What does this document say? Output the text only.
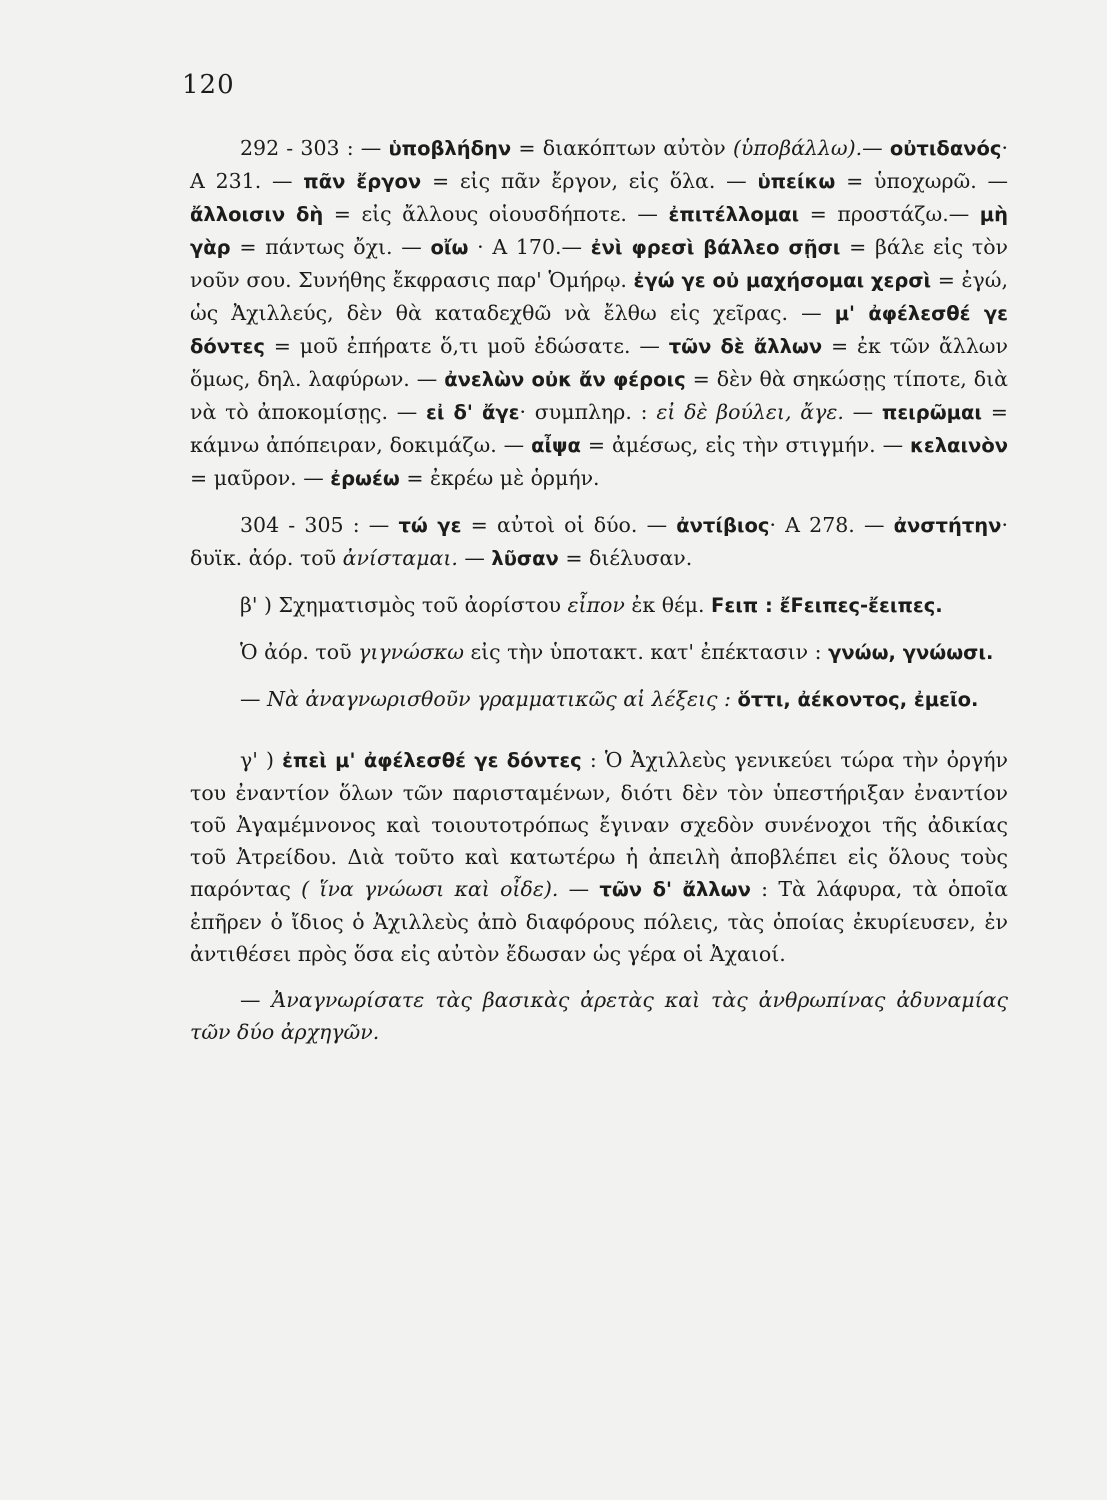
120

292 - 303 : — ὑποβλήδην = διακόπτων αὐτὸν (ὑποβάλλω).— οὐτιδανός· Α 231. — πᾶν ἔργον = εἰς πᾶν ἔργον, εἰς ὅλα. — ὑπείκω = ὑποχωρῶ. — ἄλλοισιν δὴ = εἰς ἄλλους οἱουσδήποτε. — ἐπιτέλλομαι = προστάζω.— μὴ γὰρ = πάντως ὄχι. — οἴω · Α 170.— ἐνὶ φρεσὶ βάλλεο σῇσι = βάλε εἰς τὸν νοῦν σου. Συνήθης ἔκφρασις παρ' Ὁμήρῳ. ἐγώ γε οὐ μαχήσομαι χερσὶ = ἐγώ, ὡς Ἀχιλλεύς, δὲν θὰ καταδεχθῶ νὰ ἔλθω εἰς χεῖρας. — μ' ἀφέλεσθέ γε δόντες = μοῦ ἐπήρατε ὅ,τι μοῦ ἐδώσατε. — τῶν δὲ ἄλλων = ἐκ τῶν ἄλλων ὅμως, δηλ. λαφύρων. — ἀνελὼν οὐκ ἄν φέροις = δὲν θὰ σηκώσῃς τίποτε, διὰ νὰ τὸ ἀποκομίσῃς. — εἰ δ' ἄγε· συμπληρ. : εἰ δὲ βούλει, ἄγε. — πειρῶμαι = κάμνω ἀπόπειραν, δοκιμάζω. — αἶψα = ἀμέσως, εἰς τὴν στιγμήν. — κελαινὸν = μαῦρον. — ἐρωέω = ἐκρέω μὲ ὁρμήν.

304 - 305 : — τώ γε = αὐτοὶ οἱ δύο. — ἀντίβιος· Α 278. — ἀνστήτην· δυϊκ. ἀόρ. τοῦ ἀνίσταμαι. — λῦσαν = διέλυσαν.

β' ) Σχηματισμὸς τοῦ ἀορίστου εἶπον ἐκ θέμ. Fειπ : ἔFειπες-ἔειπες.

Ὁ ἀόρ. τοῦ γιγνώσκω εἰς τὴν ὑποτακτ. κατ' ἐπέκτασιν : γνώω, γνώωσι.

— Νὰ ἀναγνωρισθοῦν γραμματικῶς αἱ λέξεις : ὅττι, ἀέκοντος, ἐμεῖο.

γ' ) ἐπεὶ μ' ἀφέλεσθέ γε δόντες : Ὁ Ἀχιλλεὺς γενικεύει τώρα τὴν ὀργήν του ἐναντίον ὅλων τῶν παρισταμένων, διότι δὲν τὸν ὑπεστήριξαν ἐναντίον τοῦ Ἀγαμέμνονος καὶ τοιουτοτρόπως ἔγιναν σχεδὸν συνένοχοι τῆς ἀδικίας τοῦ Ἀτρείδου. Διὰ τοῦτο καὶ κατωτέρω ἡ ἀπειλὴ ἀποβλέπει εἰς ὅλους τοὺς παρόντας ( ἵνα γνώωσι καὶ οἶδε). — τῶν δ' ἄλλων : Τὰ λάφυρα, τὰ ὁποῖα ἐπῆρεν ὁ ἴδιος ὁ Ἀχιλλεὺς ἀπὸ διαφόρους πόλεις, τὰς ὁποίας ἐκυρίευσεν, ἐν ἀντιθέσει πρὸς ὅσα εἰς αὐτὸν ἔδωσαν ὡς γέρα οἱ Ἀχαιοί.

— Ἀναγνωρίσατε τὰς βασικὰς ἀρετὰς καὶ τὰς ἀνθρωπίνας ἀδυναμίας τῶν δύο ἀρχηγῶν.
